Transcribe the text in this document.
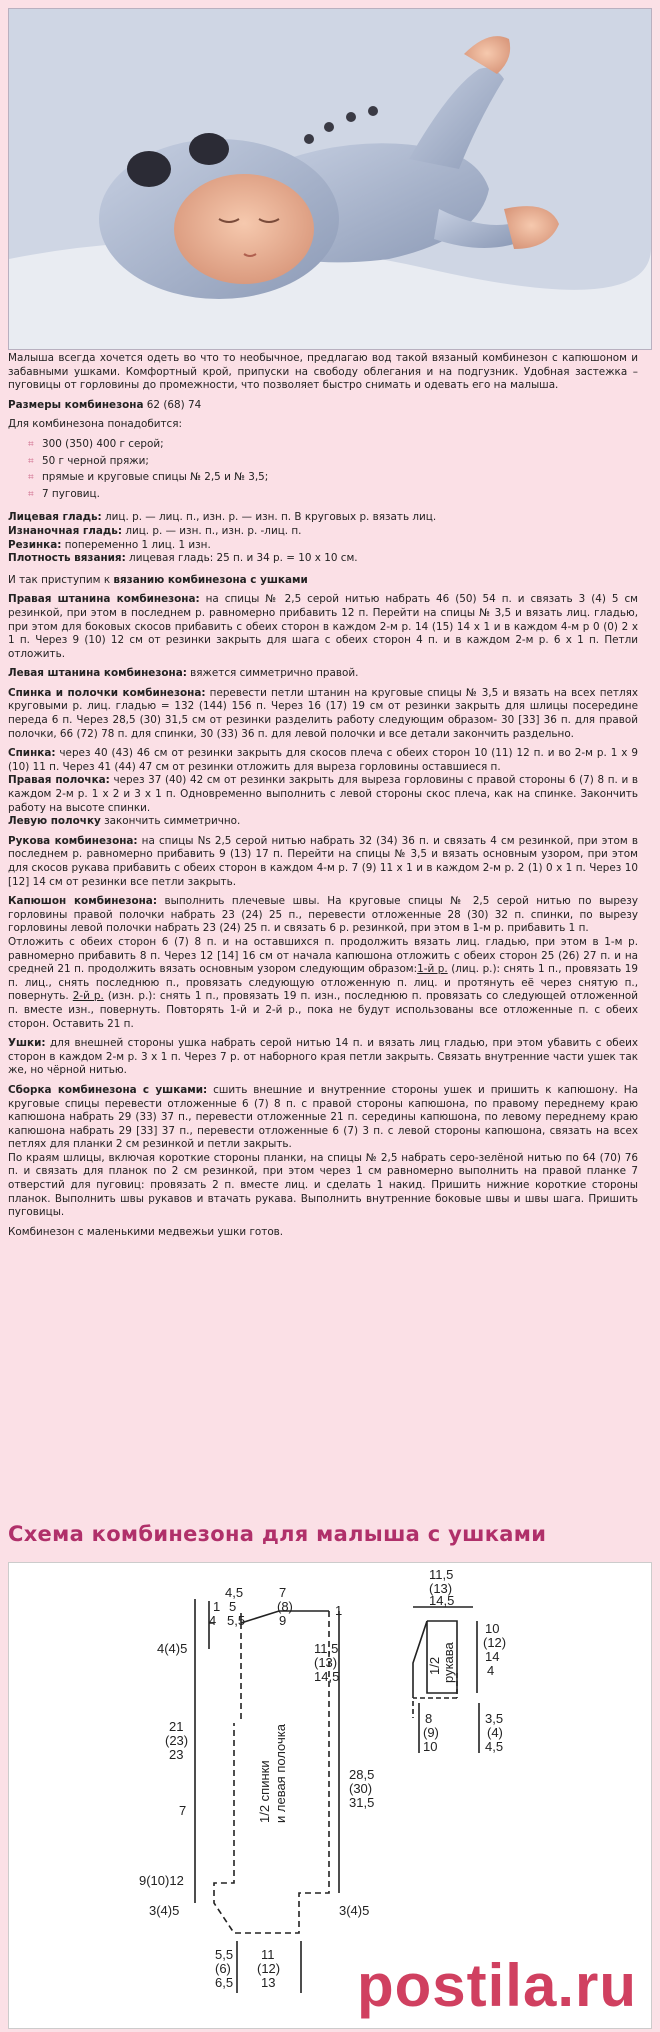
Малыша всегда хочется одеть во что то необычное, предлагаю вод такой вязаный комбинезон с капюшоном и забавными ушками. Комфортный крой, припуски на свободу облегания и на подгузник. Удобная застежка – пуговицы от горловины до промежности, что позволяет быстро снимать и одевать его на малыша.

Размеры комбинезона 62 (68) 74

Для комбинезона понадобится:

⌗ 300 (350) 400 г серой;
⌗ 50 г черной пряжи;
⌗ прямые и круговые спицы № 2,5 и № 3,5;
⌗ 7 пуговиц.
Лицевая гладь: лиц. р. — лиц. п., изн. р. — изн. п. В круговых р. вязать лиц.
Изнаночная гладь: лиц. р. — изн. п., изн. р. -лиц. п.
Резинка: попеременно 1 лиц. 1 изн.
Плотность вязания: лицевая гладь: 25 п. и 34 р. = 10 х 10 см.

И так приступим к вязанию комбинезона с ушками

Правая штанина комбинезона: на спицы № 2,5 серой нитью набрать 46 (50) 54 п. и связать 3 (4) 5 см резинкой, при этом в последнем р. равномерно прибавить 12 п. Перейти на спицы № 3,5 и вязать лиц. гладью, при этом для боковых скосов прибавить с обеих сторон в каждом 2-м р. 14 (15) 14 х 1 и в каждом 4-м р 0 (0) 2 х 1 п. Через 9 (10) 12 см от резинки закрыть для шага с обеих сторон 4 п. и в каждом 2-м р. 6 х 1 п. Петли отложить.

Левая штанина комбинезона: вяжется симметрично правой.

Спинка и полочки комбинезона: перевести петли штанин на круговые спицы № 3,5 и вязать на всех петлях круговыми р. лиц. гладью = 132 (144) 156 п. Через 16 (17) 19 см от резинки закрыть для шлицы посередине переда 6 п. Через 28,5 (30) 31,5 см от резинки разделить работу следующим образом- 30 [33] 36 п. для правой полочки, 66 (72) 78 п. для спинки, 30 (33) 36 п. для левой полочки и все детали закончить раздельно.

Спинка: через 40 (43) 46 см от резинки закрыть для скосов плеча с обеих сторон 10 (11) 12 п. и во 2-м р. 1 х 9 (10) 11 п. Через 41 (44) 47 см от резинки отложить для выреза горловины оставшиеся п.

Правая полочка: через 37 (40) 42 см от резинки закрыть для выреза горловины с правой стороны 6 (7) 8 п. и в каждом 2-м р. 1 х 2 и 3 х 1 п. Одновременно выполнить с левой стороны скос плеча, как на спинке. Закончить работу на высоте спинки.

Левую полочку закончить симметрично.

Рукова комбинезона: на спицы Ns 2,5 серой нитью набрать 32 (34) 36 п. и связать 4 см резинкой, при этом в последнем р. равномерно прибавить 9 (13) 17 п. Перейти на спицы № 3,5 и вязать основным узором, при этом для скосов рукава прибавить с обеих сторон в каждом 4-м р. 7 (9) 11 х 1 и в каждом 2-м р. 2 (1) 0 х 1 п. Через 10 [12] 14 см от резинки все петли закрыть.

Капюшон комбинезона: выполнить плечевые швы. На круговые спицы № 2,5 серой нитью по вырезу горловины правой полочки набрать 23 (24) 25 п., перевести отложенные 28 (30) 32 п. спинки, по вырезу горловины левой полочки набрать 23 (24) 25 п. и связать 6 р. резинкой, при этом в 1-м р. прибавить 1 п.

Отложить с обеих сторон 6 (7) 8 п. и на оставшихся п. продолжить вязать лиц. гладью, при этом в 1-м р. равномерно прибавить 8 п. Через 12 [14] 16 см от начала капюшона отложить с обеих сторон 25 (26) 27 п. и на средней 21 п. продолжить вязать основным узором следующим образом:1-й р. (лиц. р.): снять 1 п., провязать 19 п. лиц., снять последнюю п., провязать следующую отложенную п. лиц. и протянуть её через снятую п., повернуть. 2-й р. (изн. р.): снять 1 п., провязать 19 п. изн., последнюю п. провязать со следующей отложенной п. вместе изн., повернуть. Повторять 1-й и 2-й р., пока не будут использованы все отложенные п. с обеих сторон. Оставить 21 п.

Ушки: для внешней стороны ушка набрать серой нитью 14 п. и вязать лиц гладью, при этом убавить с обеих сторон в каждом 2-м р. 3 х 1 п. Через 7 р. от наборного края петли закрыть. Связать внутренние части ушек так же, но чёрной нитью.

Сборка комбинезона с ушками: сшить внешние и внутренние стороны ушек и пришить к капюшону. На круговые спицы перевести отложенные 6 (7) 8 п. с правой стороны капюшона, по правому переднему краю капюшона набрать 29 (33) 37 п., перевести отложенные 21 п. середины капюшона, по левому переднему краю капюшона набрать 29 [33] 37 п., перевести отложенные 6 (7) 3 п. с левой стороны капюшона, связать на всех петлях для планки 2 см резинкой и петли закрыть.

По краям шлицы, включая короткие стороны планки, на спицы № 2,5 набрать серо-зелёной нитью по 64 (70) 76 п. и связать для планок по 2 см резинкой, при этом через 1 см равномерно выполнить на правой планке 7 отверстий для пуговиц: провязать 2 п. вместе лиц. и сделать 1 накид. Пришить нижние короткие стороны планок. Выполнить швы рукавов и втачать рукава. Выполнить внутренние боковые швы и швы шага. Пришить пуговицы.

Комбинезон с маленькими медвежьи ушки готов.

Схема комбинезона для малыша с ушками
4,5
1 5
5,5
7
(8)
9
4
4(4)5
1
11,5
(13)
14,5
21
(23)
23
7
28,5
(30)
31,5
9(10)12
3(4)5	3(4)5
5,5
(6)
6,5
11
(12)
13
11,5
(13)
14,5
10
(12)
14
4
8
(9)
10
3,5
(4)
4,5
1/2 спинки и левая полочка
1/2 рукава
postila.ru
